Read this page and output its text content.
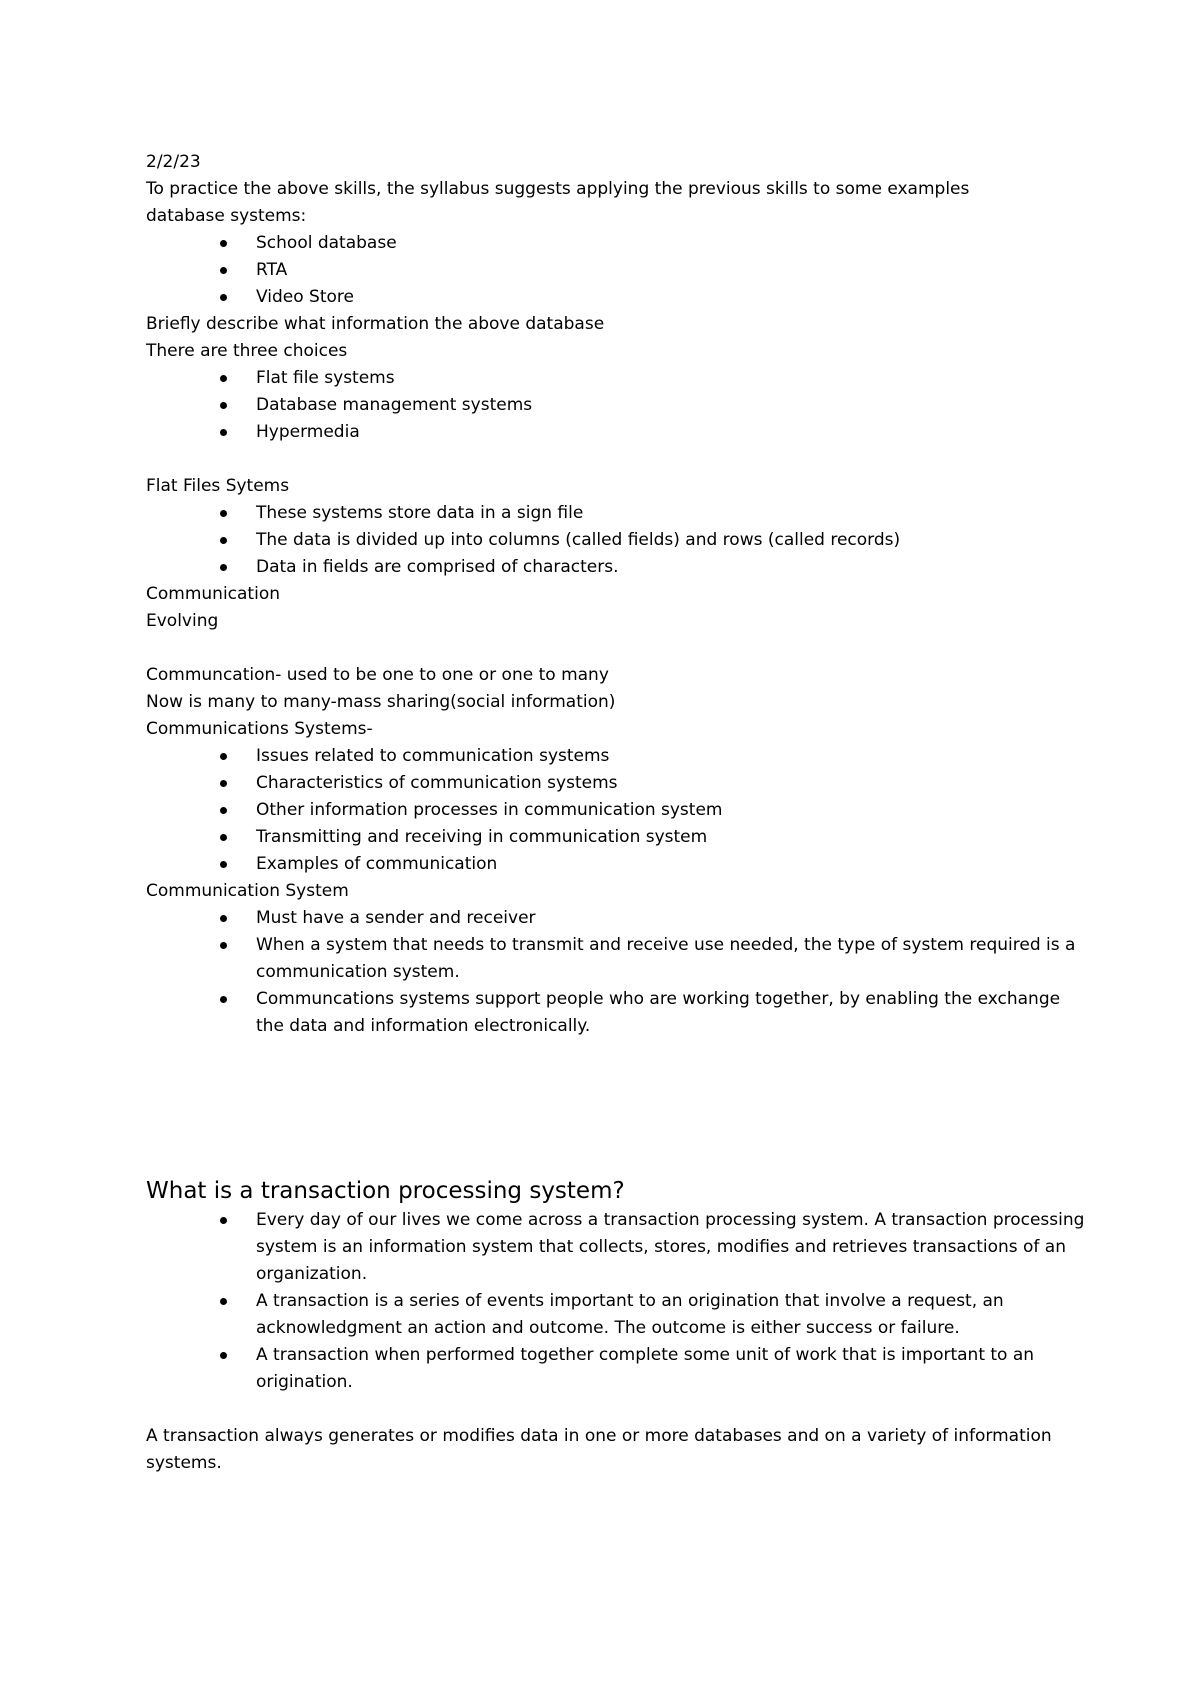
2/2/23
To practice the above skills, the syllabus suggests applying the previous skills to some examples
database systems:
School database
RTA
Video Store
Briefly describe what information the above database
There are three choices
Flat file systems
Database management systems
Hypermedia
Flat Files Sytems
These systems store data in a sign file
The data is divided up into columns (called fields) and rows (called records)
Data in fields are comprised of characters.
Communication
Evolving
Communcation- used to be one to one or one to many
Now is many to many-mass sharing(social information)
Communications Systems-
Issues related to communication systems
Characteristics of communication systems
Other information processes in communication system
Transmitting and receiving in communication system
Examples of communication
Communication System
Must have a sender and receiver
When a system that needs to transmit and receive use needed, the type of system required is a communication system.
Communcations systems support people who are working together, by enabling the exchange the data and information electronically.
What is a transaction processing system?
Every day of our lives we come across a transaction processing system. A transaction processing system is an information system that collects, stores, modifies and retrieves transactions of an organization.
A transaction is a series of events important to an origination that involve a request, an acknowledgment an action and outcome. The outcome is either success or failure.
A transaction when performed together complete some unit of work that is important to an origination.
A transaction always generates or modifies data in one or more databases and on a variety of information systems.
